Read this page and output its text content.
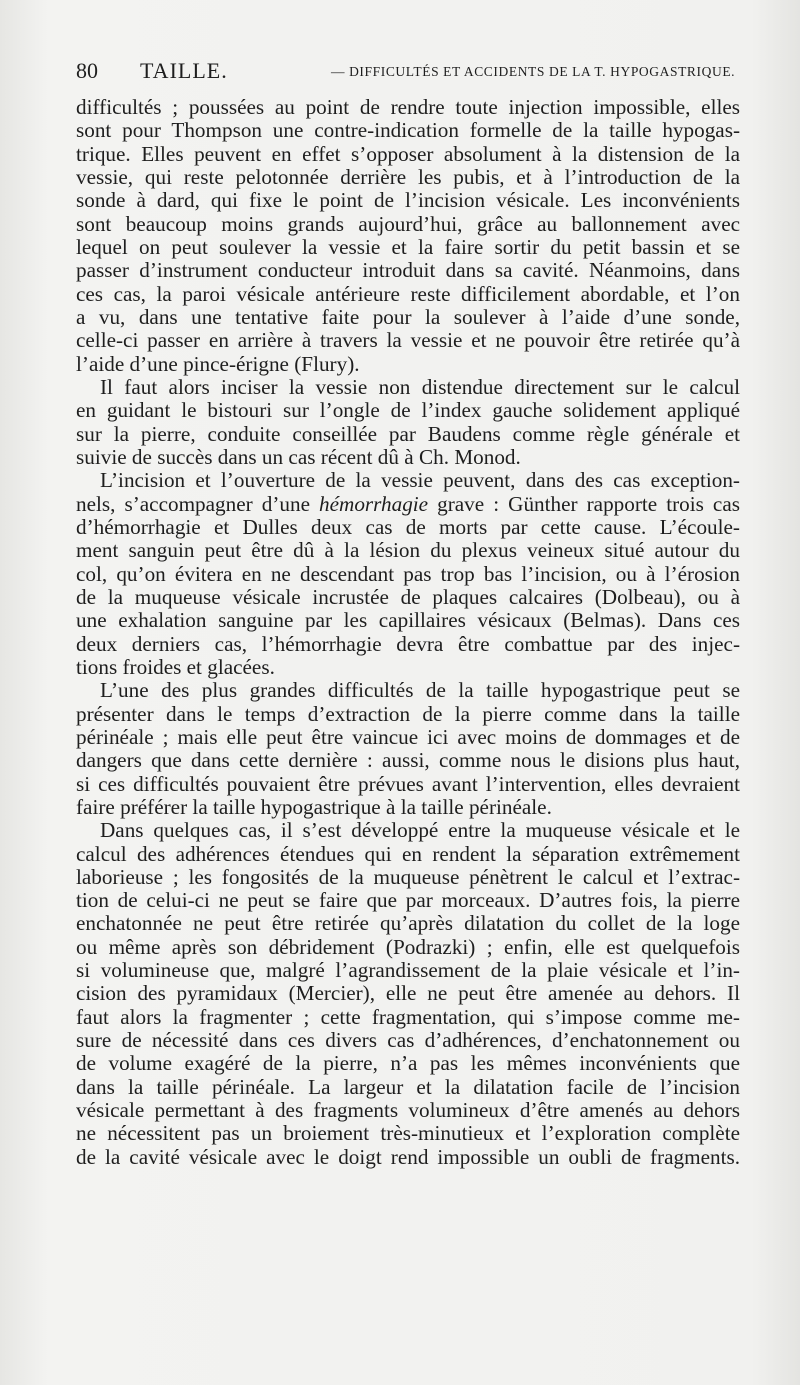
80 TAILLE.	— DIFFICULTÉS ET ACCIDENTS DE LA T. HYPOGASTRIQUE.
difficultés ; poussées au point de rendre toute injection impossible, elles
sont pour Thompson une contre-indication formelle de la taille hypogas-
trique. Elles peuvent en effet s’opposer absolument à la distension de la
vessie, qui reste pelotonnée derrière les pubis, et à l’introduction de la
sonde à dard, qui fixe le point de l’incision vésicale. Les inconvénients
sont beaucoup moins grands aujourd’hui, grâce au ballonnement avec
lequel on peut soulever la vessie et la faire sortir du petit bassin et se
passer d’instrument conducteur introduit dans sa cavité. Néanmoins, dans
ces cas, la paroi vésicale antérieure reste difficilement abordable, et l’on
a vu, dans une tentative faite pour la soulever à l’aide d’une sonde,
celle-ci passer en arrière à travers la vessie et ne pouvoir être retirée qu’à
l’aide d’une pince-érigne (Flury).
Il faut alors inciser la vessie non distendue directement sur le calcul
en guidant le bistouri sur l’ongle de l’index gauche solidement appliqué
sur la pierre, conduite conseillée par Baudens comme règle générale et
suivie de succès dans un cas récent dû à Ch. Monod.
L’incision et l’ouverture de la vessie peuvent, dans des cas exception-
nels, s’accompagner d’une hémorrhagie grave : Günther rapporte trois cas
d’hémorrhagie et Dulles deux cas de morts par cette cause. L’écoule-
ment sanguin peut être dû à la lésion du plexus veineux situé autour du
col, qu’on évitera en ne descendant pas trop bas l’incision, ou à l’érosion
de la muqueuse vésicale incrustée de plaques calcaires (Dolbeau), ou à
une exhalation sanguine par les capillaires vésicaux (Belmas). Dans ces
deux derniers cas, l’hémorrhagie devra être combattue par des injec-
tions froides et glacées.
L’une des plus grandes difficultés de la taille hypogastrique peut se
présenter dans le temps d’extraction de la pierre comme dans la taille
périnéale ; mais elle peut être vaincue ici avec moins de dommages et de
dangers que dans cette dernière : aussi, comme nous le disions plus haut,
si ces difficultés pouvaient être prévues avant l’intervention, elles devraient
faire préférer la taille hypogastrique à la taille périnéale.
Dans quelques cas, il s’est développé entre la muqueuse vésicale et le
calcul des adhérences étendues qui en rendent la séparation extrêmement
laborieuse ; les fongosités de la muqueuse pénètrent le calcul et l’extrac-
tion de celui-ci ne peut se faire que par morceaux. D’autres fois, la pierre
enchatonnée ne peut être retirée qu’après dilatation du collet de la loge
ou même après son débridement (Podrazki) ; enfin, elle est quelquefois
si volumineuse que, malgré l’agrandissement de la plaie vésicale et l’in-
cision des pyramidaux (Mercier), elle ne peut être amenée au dehors. Il
faut alors la fragmenter ; cette fragmentation, qui s’impose comme me-
sure de nécessité dans ces divers cas d’adhérences, d’enchatonnement ou
de volume exagéré de la pierre, n’a pas les mêmes inconvénients que
dans la taille périnéale. La largeur et la dilatation facile de l’incision
vésicale permettant à des fragments volumineux d’être amenés au dehors
ne nécessitent pas un broiement très-minutieux et l’exploration complète
de la cavité vésicale avec le doigt rend impossible un oubli de fragments.
